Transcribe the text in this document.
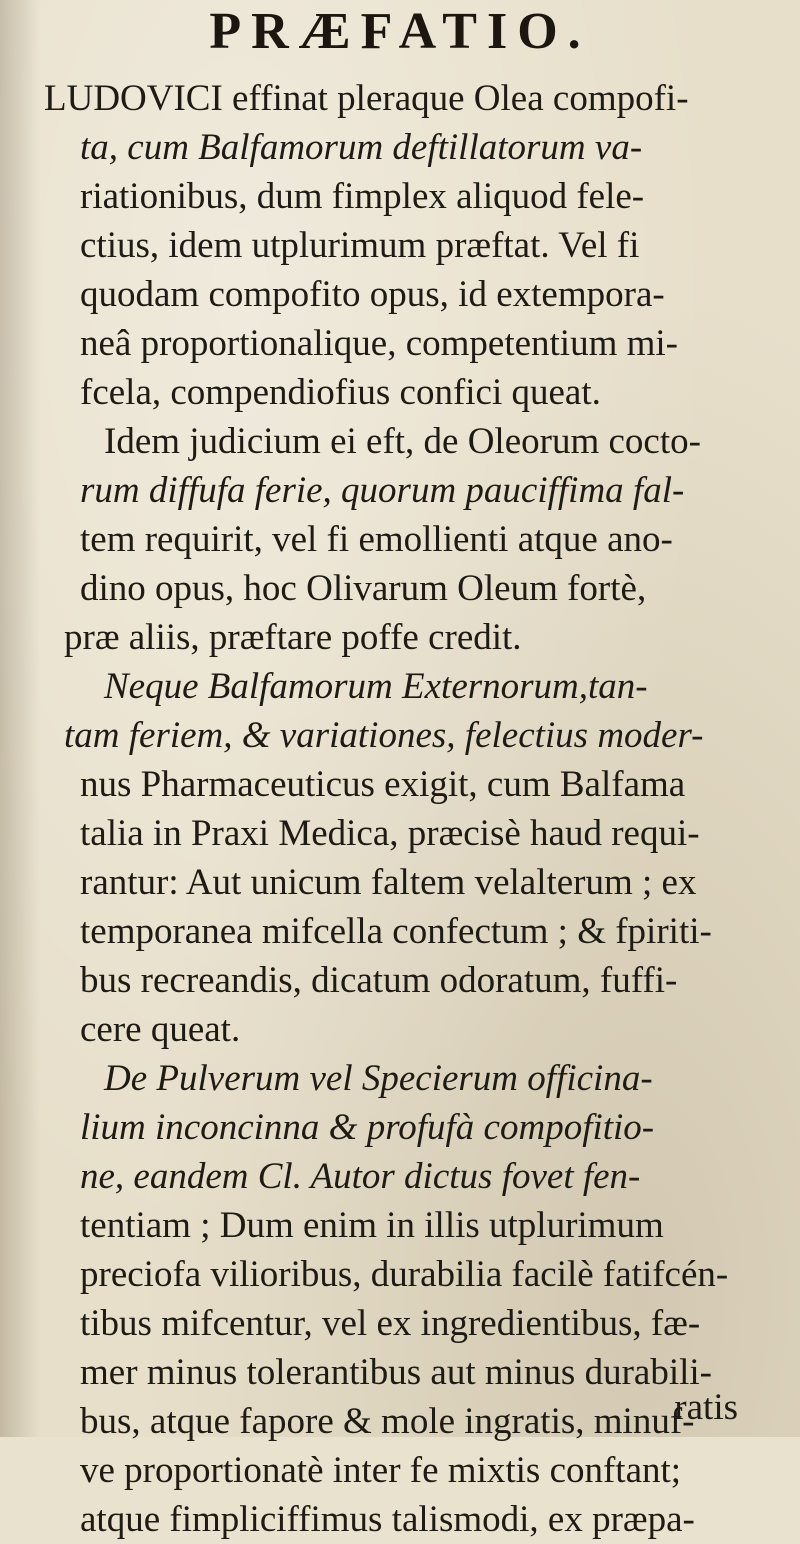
PRÆFATIO.
LUDOVICI effinat pleraque Olea compofi-
ta, cum Balfamorum deftillatorum va-
riationibus, dum fimplex aliquod fele-
ctius, idem utplurimum præftat. Vel fi
quodam compofito opus, id extempora-
neâ proportionalique, competentium mi-
fcela, compendiofius confici queat.
Idem judicium ei eft, de Oleorum cocto-
rum diffufa ferie, quorum pauciffima fal-
tem requirit, vel fi emollienti atque ano-
dino opus, hoc Olivarum Oleum fortè,
præ aliis, præftare poffe credit.
Neque Balfamorum Externorum,tan-
tam feriem, & variationes, felectius moder-
nus Pharmaceuticus exigit, cum Balfama
talia in Praxi Medica, præcisè haud requi-
rantur: Aut unicum faltem velalterum ; ex
temporanea mifcella confectum ; & fpiriti-
bus recreandis, dicatum odoratum, fuffi-
cere queat.
De Pulverum vel Specierum officina-
lium inconcinna & profufà compofitio-
ne, eandem Cl. Autor dictus fovet fen-
tentiam ; Dum enim in illis utplurimum
preciofa vilioribus, durabilia facilè fatifcén-
tibus mifcentur, vel ex ingredientibus, fæ-
mer minus tolerantibus aut minus durabili-
bus, atque fapore & mole ingratis, minuf-
ve proportionatè inter fe mixtis conftant;
atque fimpliciffimus talismodi, ex præpa-
ratis
